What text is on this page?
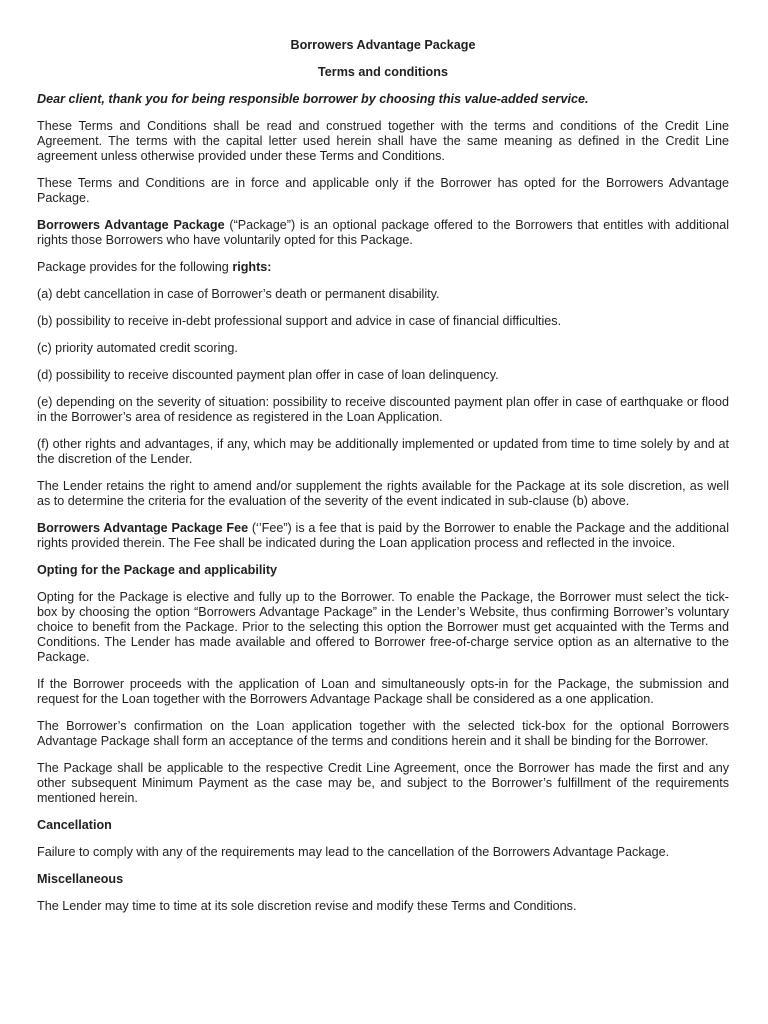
Borrowers Advantage Package
Terms and conditions
Dear client, thank you for being responsible borrower by choosing this value-added service.

These Terms and Conditions shall be read and construed together with the terms and conditions of the Credit Line Agreement. The terms with the capital letter used herein shall have the same meaning as defined in the Credit Line agreement unless otherwise provided under these Terms and Conditions.

These Terms and Conditions are in force and applicable only if the Borrower has opted for the Borrowers Advantage Package.

Borrowers Advantage Package (“Package”) is an optional package offered to the Borrowers that entitles with additional rights those Borrowers who have voluntarily opted for this Package.

Package provides for the following rights:

(a) debt cancellation in case of Borrower’s death or permanent disability.

(b) possibility to receive in-debt professional support and advice in case of financial difficulties.

(c) priority automated credit scoring.

(d) possibility to receive discounted payment plan offer in case of loan delinquency.

(e) depending on the severity of situation: possibility to receive discounted payment plan offer in case of earthquake or flood in the Borrower’s area of residence as registered in the Loan Application.

(f) other rights and advantages, if any, which may be additionally implemented or updated from time to time solely by and at the discretion of the Lender.

The Lender retains the right to amend and/or supplement the rights available for the Package at its sole discretion, as well as to determine the criteria for the evaluation of the severity of the event indicated in sub-clause (b) above.

Borrowers Advantage Package Fee (‘’Fee”) is a fee that is paid by the Borrower to enable the Package and the additional rights provided therein. The Fee shall be indicated during the Loan application process and reflected in the invoice.

Opting for the Package and applicability

Opting for the Package is elective and fully up to the Borrower. To enable the Package, the Borrower must select the tick-box by choosing the option “Borrowers Advantage Package” in the Lender’s Website, thus confirming Borrower’s voluntary choice to benefit from the Package. Prior to the selecting this option the Borrower must get acquainted with the Terms and Conditions. The Lender has made available and offered to Borrower free-of-charge service option as an alternative to the Package.

If the Borrower proceeds with the application of Loan and simultaneously opts-in for the Package, the submission and request for the Loan together with the Borrowers Advantage Package shall be considered as a one application.

The Borrower’s confirmation on the Loan application together with the selected tick-box for the optional Borrowers Advantage Package shall form an acceptance of the terms and conditions herein and it shall be binding for the Borrower.

The Package shall be applicable to the respective Credit Line Agreement, once the Borrower has made the first and any other subsequent Minimum Payment as the case may be, and subject to the Borrower’s fulfillment of the requirements mentioned herein.

Cancellation

Failure to comply with any of the requirements may lead to the cancellation of the Borrowers Advantage Package.

Miscellaneous

The Lender may time to time at its sole discretion revise and modify these Terms and Conditions.
